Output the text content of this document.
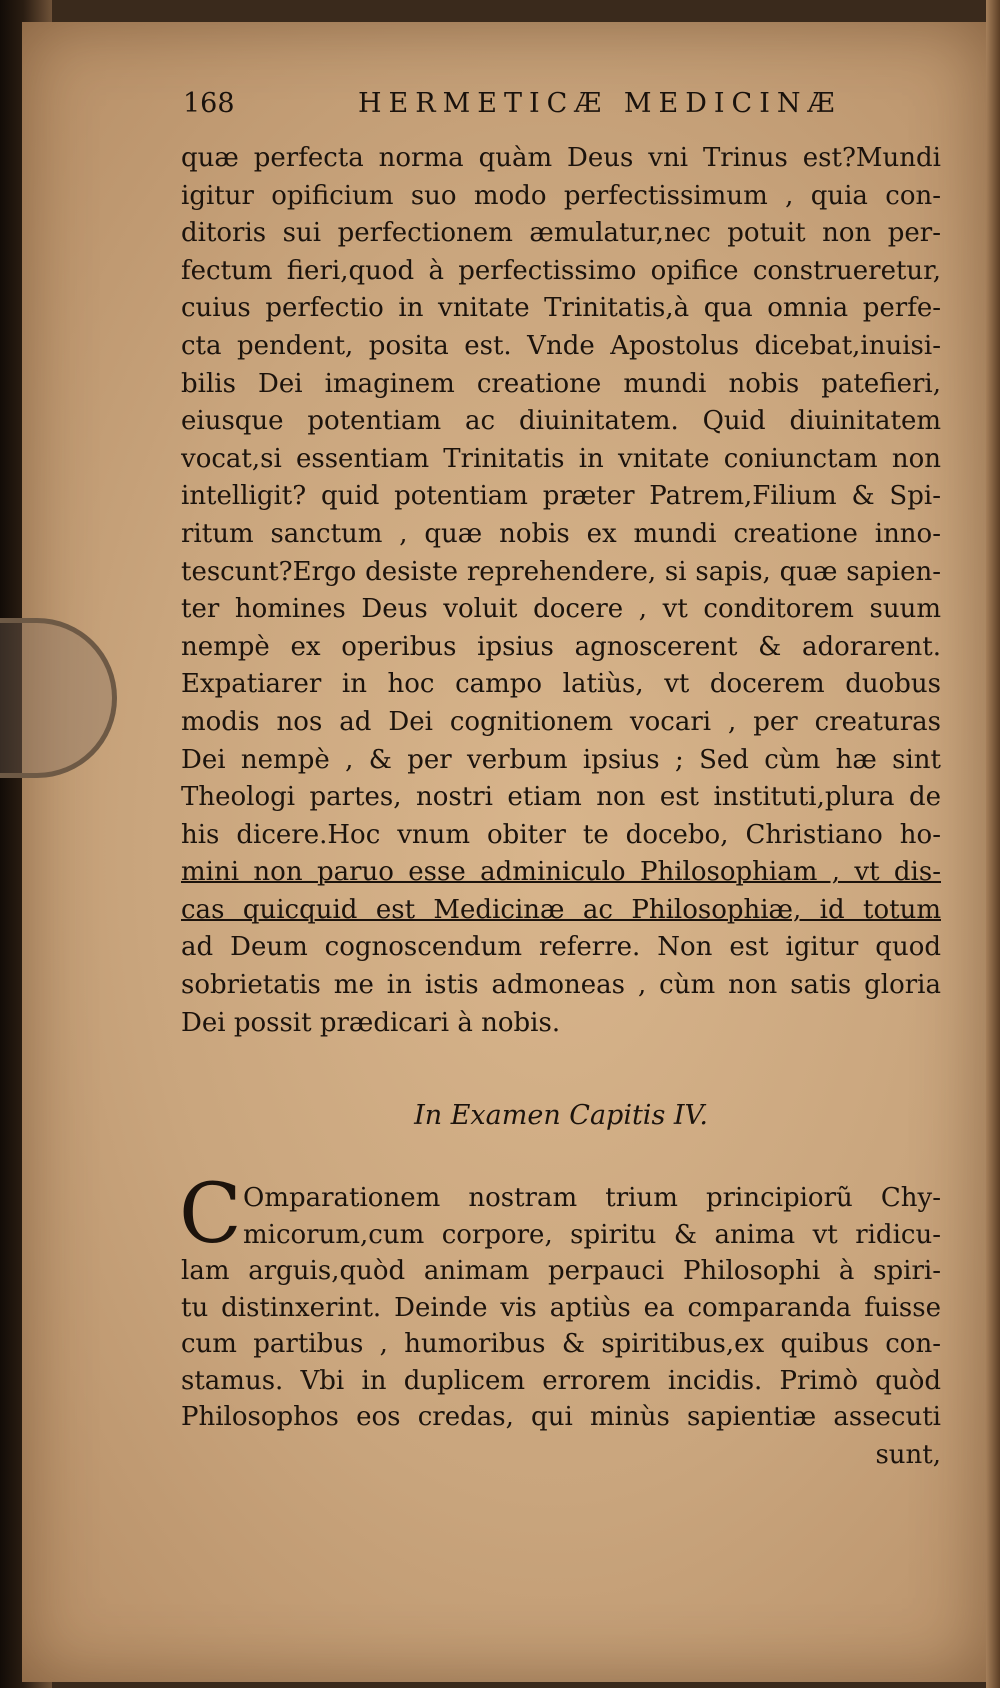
168	HERMETICÆ MEDICINÆ
quæ perfecta norma quàm Deus vni Trinus est?Mundi
igitur opificium suo modo perfectissimum , quia con-
ditoris sui perfectionem æmulatur,nec potuit non per-
fectum fieri,quod à perfectissimo opifice construeretur,
cuius perfectio in vnitate Trinitatis,à qua omnia perfe-
cta pendent, posita est. Vnde Apostolus dicebat,inuisi-
bilis Dei imaginem creatione mundi nobis patefieri,
eiusque potentiam ac diuinitatem. Quid diuinitatem
vocat,si essentiam Trinitatis in vnitate coniunctam non
intelligit? quid potentiam præter Patrem,Filium & Spi-
ritum sanctum , quæ nobis ex mundi creatione inno-
tescunt?Ergo desiste reprehendere, si sapis, quæ sapien-
ter homines Deus voluit docere , vt conditorem suum
nempè ex operibus ipsius agnoscerent & adorarent.
Expatiarer in hoc campo latiùs, vt docerem duobus
modis nos ad Dei cognitionem vocari , per creaturas
Dei nempè , & per verbum ipsius ; Sed cùm hæ sint
Theologi partes, nostri etiam non est instituti,plura de
his dicere.Hoc vnum obiter te docebo, Christiano ho-
mini non paruo esse adminiculo Philosophiam , vt dis-
cas quicquid est Medicinæ ac Philosophiæ, id totum
ad Deum cognoscendum referre. Non est igitur quod
sobrietatis me in istis admoneas , cùm non satis gloria
Dei possit prædicari à nobis.
In Examen Capitis IV.
C Omparationem nostram trium principiorũ Chy-
micorum,cum corpore, spiritu & anima vt ridicu-
lam arguis,quòd animam perpauci Philosophi à spiri-
tu distinxerint. Deinde vis aptiùs ea comparanda fuisse
cum partibus , humoribus & spiritibus,ex quibus con-
stamus. Vbi in duplicem errorem incidis. Primò quòd
Philosophos eos credas, qui minùs sapientiæ assecuti
sunt,
